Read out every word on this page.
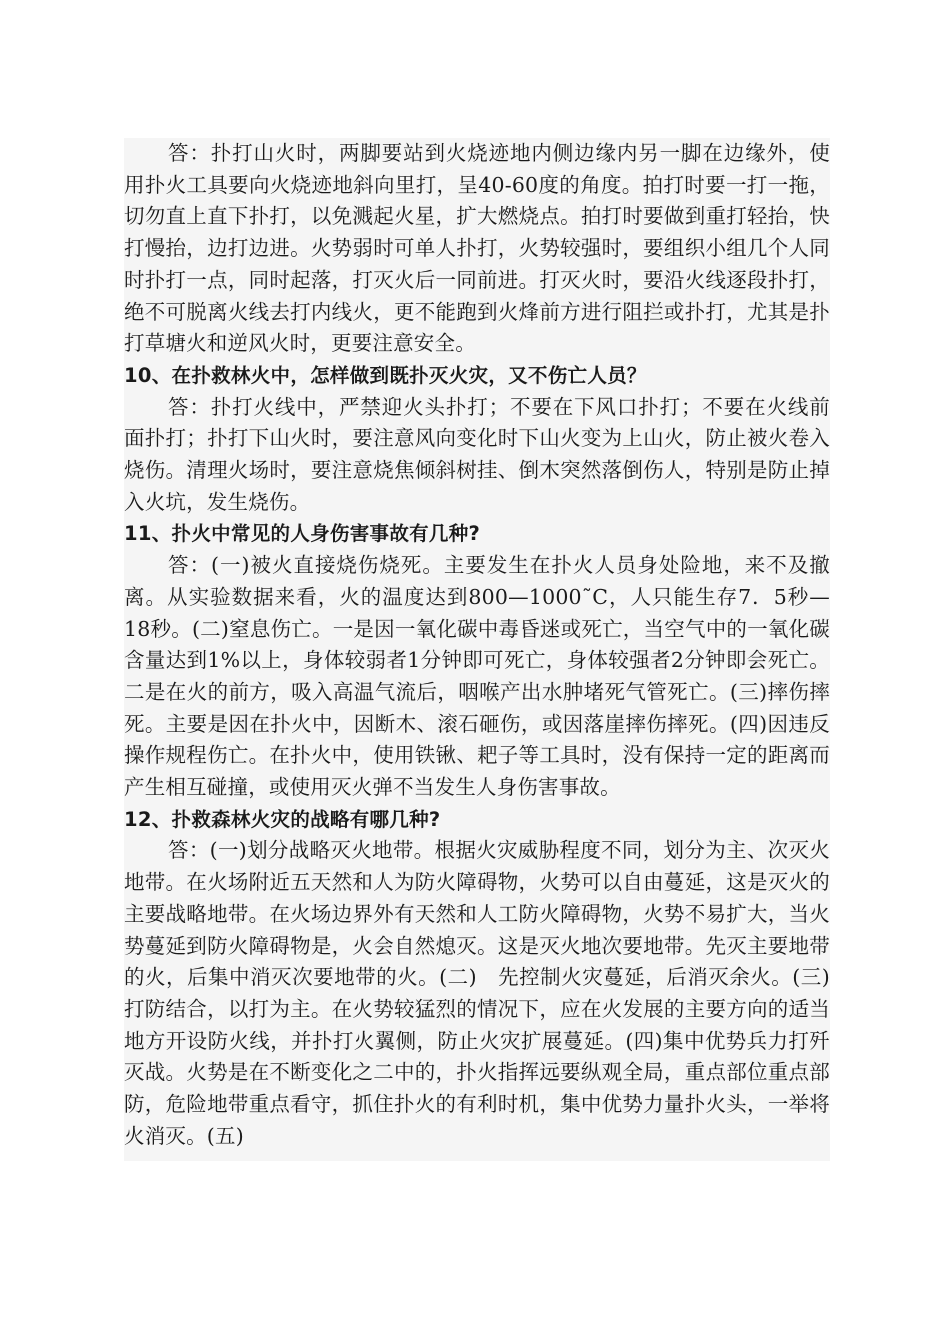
答：扑打山火时，两脚要站到火烧迹地内侧边缘内另一脚在边缘外，使用扑火工具要向火烧迹地斜向里打，呈40-60度的角度。拍打时要一打一拖，切勿直上直下扑打，以免溅起火星，扩大燃烧点。拍打时要做到重打轻抬，快打慢抬，边打边进。火势弱时可单人扑打，火势较强时，要组织小组几个人同时扑打一点，同时起落，打灭火后一同前进。打灭火时，要沿火线逐段扑打，绝不可脱离火线去打内线火，更不能跑到火烽前方进行阻拦或扑打，尤其是扑打草塘火和逆风火时，更要注意安全。

10、在扑救林火中，怎样做到既扑灭火灾，又不伤亡人员？

答：扑打火线中，严禁迎火头扑打；不要在下风口扑打；不要在火线前面扑打；扑打下山火时，要注意风向变化时下山火变为上山火，防止被火卷入烧伤。清理火场时，要注意烧焦倾斜树挂、倒木突然落倒伤人，特别是防止掉入火坑，发生烧伤。

11、扑火中常见的人身伤害事故有几种?

答：(一)被火直接烧伤烧死。主要发生在扑火人员身处险地，来不及撤离。从实验数据来看，火的温度达到800—1000˜C，人只能生存7．5秒—18秒。(二)窒息伤亡。一是因一氧化碳中毒昏迷或死亡，当空气中的一氧化碳含量达到1%以上，身体较弱者1分钟即可死亡，身体较强者2分钟即会死亡。二是在火的前方，吸入高温气流后，咽喉产出水肿堵死气管死亡。(三)摔伤摔死。主要是因在扑火中，因断木、滚石砸伤，或因落崖摔伤摔死。(四)因违反操作规程伤亡。在扑火中，使用铁锹、耙子等工具时，没有保持一定的距离而产生相互碰撞，或使用灭火弹不当发生人身伤害事故。

12、扑救森林火灾的战略有哪几种?

答：(一)划分战略灭火地带。根据火灾威胁程度不同，划分为主、次灭火地带。在火场附近五天然和人为防火障碍物，火势可以自由蔓延，这是灭火的主要战略地带。在火场边界外有天然和人工防火障碍物，火势不易扩大，当火势蔓延到防火障碍物是，火会自然熄灭。这是灭火地次要地带。先灭主要地带的火，后集中消灭次要地带的火。(二)　先控制火灾蔓延，后消灭余火。(三)打防结合，以打为主。在火势较猛烈的情况下，应在火发展的主要方向的适当地方开设防火线，并扑打火翼侧，防止火灾扩展蔓延。(四)集中优势兵力打歼灭战。火势是在不断变化之二中的，扑火指挥远要纵观全局，重点部位重点部防，危险地带重点看守，抓住扑火的有利时机，集中优势力量扑火头，一举将火消灭。(五)
